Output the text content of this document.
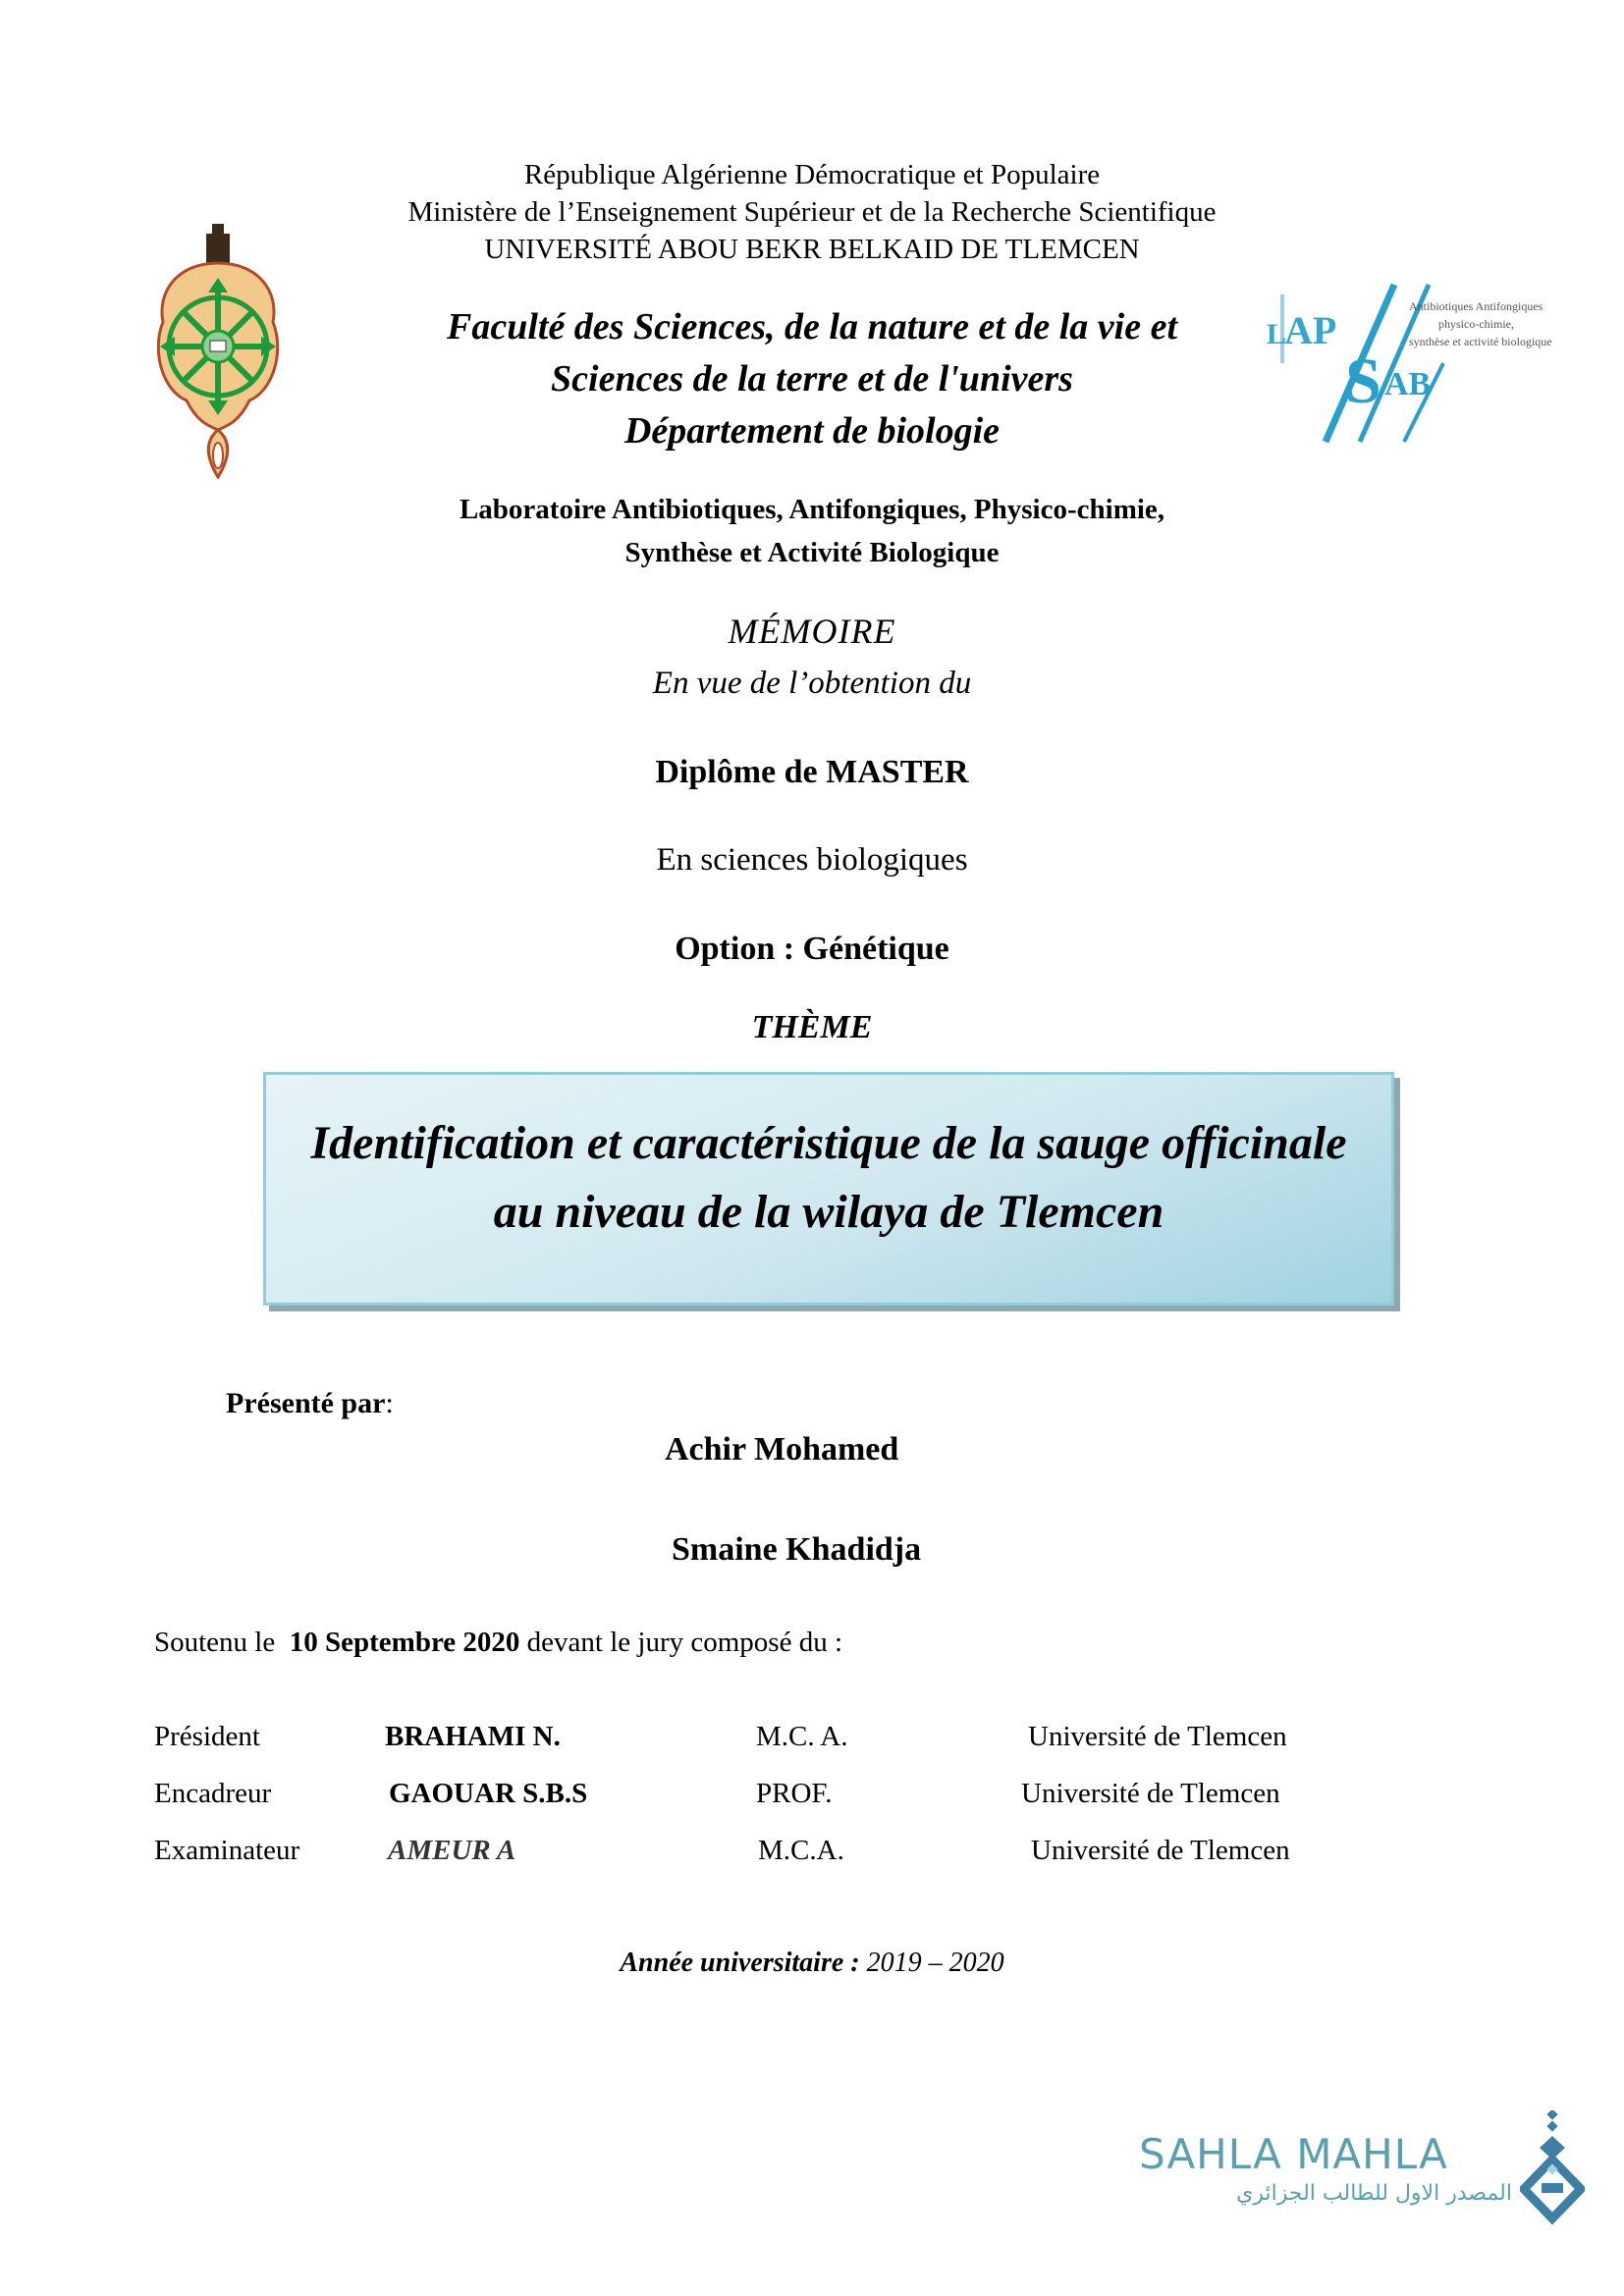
République Algérienne Démocratique et Populaire
Ministère de l’Enseignement Supérieur et de la Recherche Scientifique
UNIVERSITÉ ABOU BEKR BELKAID DE TLEMCEN
AP
L
S AB
Antibiotiques Antifongiques
physico-chimie,
synthèse et activité biologique
Faculté des Sciences, de la nature et de la vie et
Sciences de la terre et de l'univers
Département de biologie
Laboratoire Antibiotiques, Antifongiques, Physico-chimie,
Synthèse et Activité Biologique
MÉMOIRE
En vue de l’obtention du
Diplôme de MASTER
En sciences biologiques
Option : Génétique
THÈME
Identification et caractéristique de la sauge officinale
au niveau de la wilaya de Tlemcen
Présenté par:
Achir Mohamed
Smaine Khadidja
Soutenu le 10 Septembre 2020 devant le jury composé du :
Président	BRAHAMI N.	M.C. A.	Université de Tlemcen
Encadreur	GAOUAR S.B.S	PROF.	Université de Tlemcen
Examinateur	AMEUR A	M.C.A.	Université de Tlemcen
Année universitaire : 2019 – 2020
SAHLA MAHLA
المصدر الاول للطالب الجزائري
